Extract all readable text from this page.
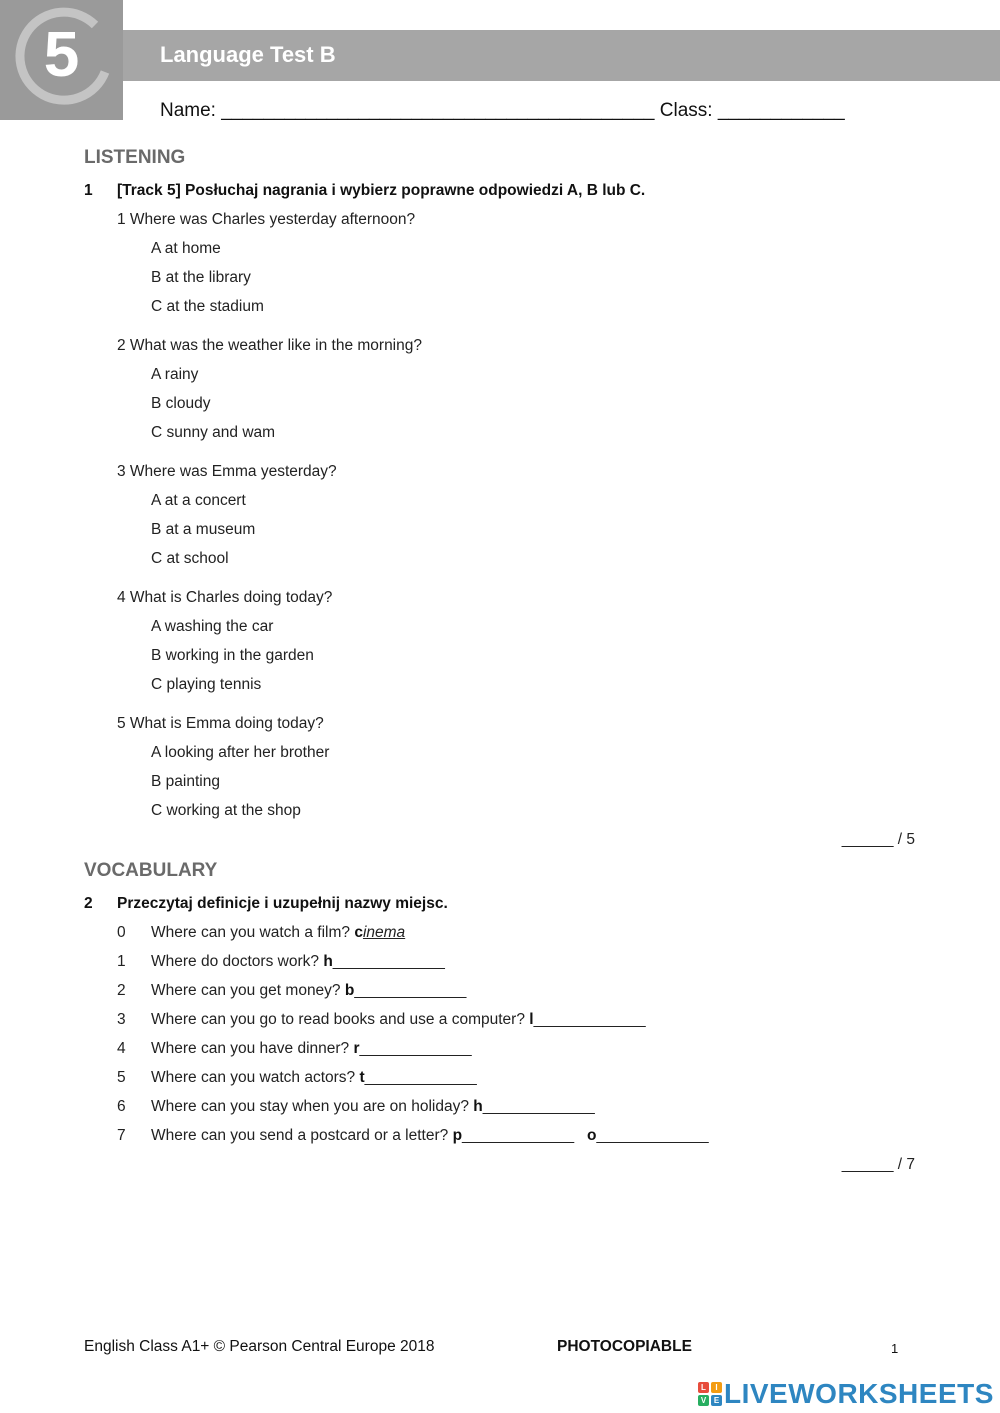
5	Language Test B
Name: _________________________________________ Class: ____________
LISTENING
1 [Track 5] Posłuchaj nagrania i wybierz poprawne odpowiedzi A, B lub C.
1 Where was Charles yesterday afternoon?
A at home
B at the library
C at the stadium
2 What was the weather like in the morning?
A rainy
B cloudy
C sunny and wam
3 Where was Emma yesterday?
A at a concert
B at a museum
C at school
4 What is Charles doing today?
A washing the car
B working in the garden
C playing tennis
5 What is Emma doing today?
A looking after her brother
B painting
C working at the shop
______ / 5
VOCABULARY
2 Przeczytaj definicje i uzupełnij nazwy miejsc.
0 Where can you watch a film? cinema
1 Where do doctors work? h_____________
2 Where can you get money? b_____________
3 Where can you go to read books and use a computer? l_____________
4 Where can you have dinner? r_____________
5 Where can you watch actors? t_____________
6 Where can you stay when you are on holiday? h_____________
7 Where can you send a postcard or a letter? p_____________ o_____________
______ / 7
English Class A1+ © Pearson Central Europe 2018	PHOTOCOPIABLE	1
L	I
V E LIVEWORKSHEETS
